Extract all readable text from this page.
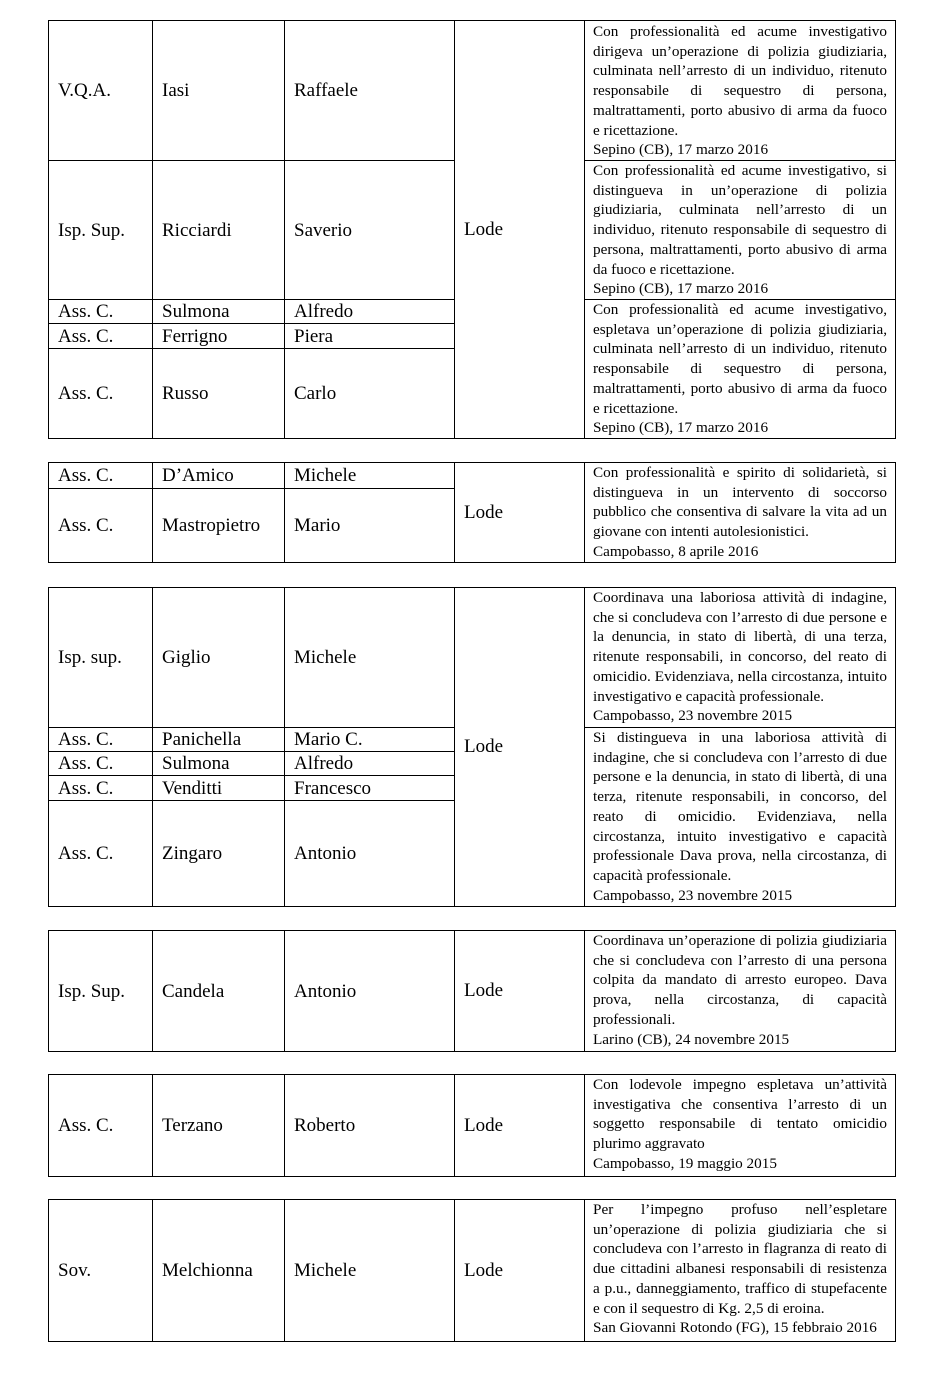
V.Q.A.	Iasi	Raffaele	Lode	Con professionalità ed acume investigativo dirigeva un’operazione di polizia giudiziaria, culminata nell’arresto di un individuo, ritenuto responsabile di sequestro di persona, maltrattamenti, porto abusivo di arma da fuoco e ricettazione.
Sepino (CB), 17 marzo 2016

Isp. Sup.	Ricciardi	Saverio		Con professionalità ed acume investigativo, si distingueva in un’operazione di polizia giudiziaria, culminata nell’arresto di un individuo, ritenuto responsabile di sequestro di persona, maltrattamenti, porto abusivo di arma da fuoco e ricettazione.
Sepino (CB), 17 marzo 2016

Ass. C.	Sulmona	Alfredo		Con professionalità ed acume investigativo, espletava un’operazione di polizia giudiziaria, culminata nell’arresto di un individuo, ritenuto responsabile di sequestro di persona, maltrattamenti, porto abusivo di arma da fuoco e ricettazione.
Sepino (CB), 17 marzo 2016

Ass. C.	Ferrigno	Piera		
Ass. C.	Russo	Carlo		
Ass. C.	D’Amico	Michele	Lode	Con professionalità e spirito di solidarietà, si distingueva in un intervento di soccorso pubblico che consentiva di salvare la vita ad un giovane con intenti autolesionistici.
Campobasso, 8 aprile 2016

Ass. C.	Mastropietro	Mario		
Isp. sup.	Giglio	Michele	Lode	Coordinava una laboriosa attività di indagine, che si concludeva con l’arresto di due persone e la denuncia, in stato di libertà, di una terza, ritenute responsabili, in concorso, del reato di omicidio. Evidenziava, nella circostanza, intuito investigativo e capacità professionale.
Campobasso, 23 novembre 2015

Ass. C.	Panichella	Mario C.		Si distingueva in una laboriosa attività di indagine, che si concludeva con l’arresto di due persone e la denuncia, in stato di libertà, di una terza, ritenute responsabili, in concorso, del reato di omicidio. Evidenziava, nella circostanza, intuito investigativo e capacità professionale Dava prova, nella circostanza, di capacità professionale.
Campobasso, 23 novembre 2015

Ass. C.	Sulmona	Alfredo		
Ass. C.	Venditti	Francesco		
Ass. C.	Zingaro	Antonio		
Isp. Sup.	Candela	Antonio	Lode	
Coordinava un’operazione di polizia giudiziaria che si concludeva con l’arresto di una persona colpita da mandato di arresto europeo. Dava prova, nella circostanza, di capacità professionali.
Larino (CB), 24 novembre 2015
Ass. C.	Terzano	Roberto	Lode	
Con lodevole impegno espletava un’attività investigativa che consentiva l’arresto di un soggetto responsabile di tentato omicidio plurimo aggravato
Campobasso, 19 maggio 2015
Sov.	Melchionna	Michele	Lode	
Per l’impegno profuso nell’espletare un’operazione di polizia giudiziaria che si concludeva con l’arresto in flagranza di reato di due cittadini albanesi responsabili di resistenza a p.u., danneggiamento, traffico di stupefacente e con il sequestro di Kg. 2,5 di eroina.
San Giovanni Rotondo (FG), 15 febbraio 2016
